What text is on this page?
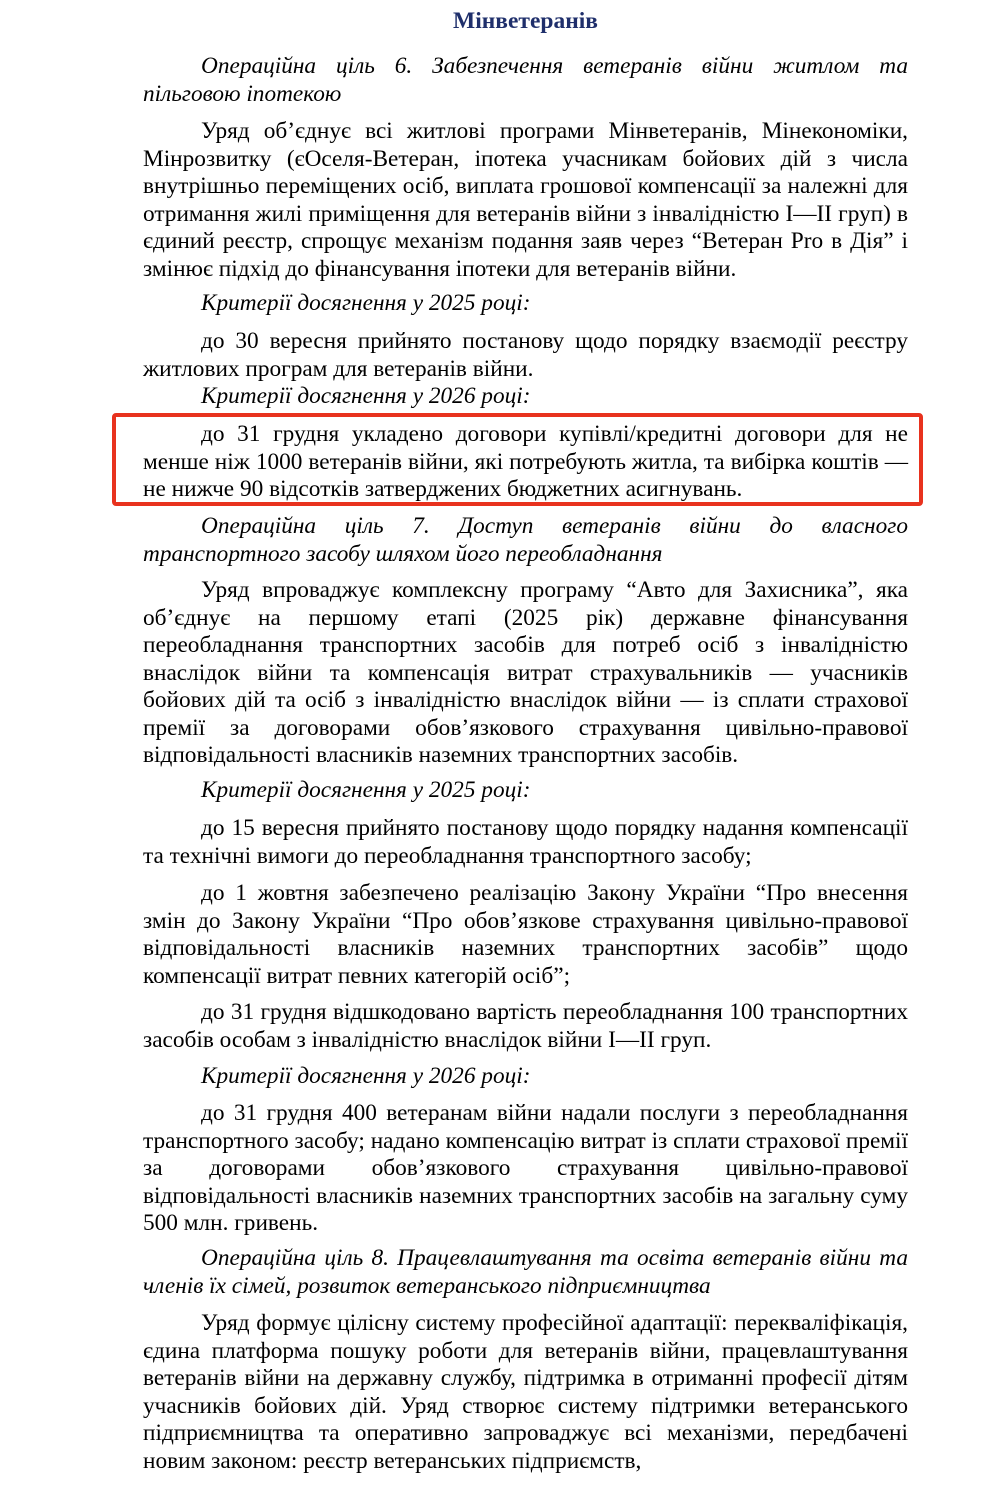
Мінветеранів
Операційна ціль 6. Забезпечення ветеранів війни житлом та пільговою іпотекою
Уряд об’єднує всі житлові програми Мінветеранів, Мінекономіки, Мінрозвитку (єОселя-Ветеран, іпотека учасникам бойових дій з числа внутрішньо переміщених осіб, виплата грошової компенсації за належні для отримання жилі приміщення для ветеранів війни з інвалідністю I—II груп) в єдиний реєстр, спрощує механізм подання заяв через “Ветеран Pro в Дія” і змінює підхід до фінансування іпотеки для ветеранів війни.
Критерії досягнення у 2025 році:
до 30 вересня прийнято постанову щодо порядку взаємодії реєстру житлових програм для ветеранів війни.
Критерії досягнення у 2026 році:
до 31 грудня укладено договори купівлі/кредитні договори для не менше ніж 1000 ветеранів війни, які потребують житла, та вибірка коштів — не нижче 90 відсотків затверджених бюджетних асигнувань.
Операційна ціль 7. Доступ ветеранів війни до власного транспортного засобу шляхом його переобладнання
Уряд впроваджує комплексну програму “Авто для Захисника”, яка об’єднує на першому етапі (2025 рік) державне фінансування переобладнання транспортних засобів для потреб осіб з інвалідністю внаслідок війни та компенсація витрат страхувальників — учасників бойових дій та осіб з інвалідністю внаслідок війни — із сплати страхової премії за договорами обов’язкового страхування цивільно-правової відповідальності власників наземних транспортних засобів.
Критерії досягнення у 2025 році:
до 15 вересня прийнято постанову щодо порядку надання компенсації та технічні вимоги до переобладнання транспортного засобу;
до 1 жовтня забезпечено реалізацію Закону України “Про внесення змін до Закону України “Про обов’язкове страхування цивільно-правової відповідальності власників наземних транспортних засобів” щодо компенсації витрат певних категорій осіб”;
до 31 грудня відшкодовано вартість переобладнання 100 транспортних засобів особам з інвалідністю внаслідок війни I—II груп.
Критерії досягнення у 2026 році:
до 31 грудня 400 ветеранам війни надали послуги з переобладнання транспортного засобу; надано компенсацію витрат із сплати страхової премії за договорами обов’язкового страхування цивільно-правової відповідальності власників наземних транспортних засобів на загальну суму 500 млн. гривень.
Операційна ціль 8. Працевлаштування та освіта ветеранів війни та членів їх сімей, розвиток ветеранського підприємництва
Уряд формує цілісну систему професійної адаптації: перекваліфікація, єдина платформа пошуку роботи для ветеранів війни, працевлаштування ветеранів війни на державну службу, підтримка в отриманні професії дітям учасників бойових дій. Уряд створює систему підтримки ветеранського підприємництва та оперативно запроваджує всі механізми, передбачені новим законом: реєстр ветеранських підприємств,
